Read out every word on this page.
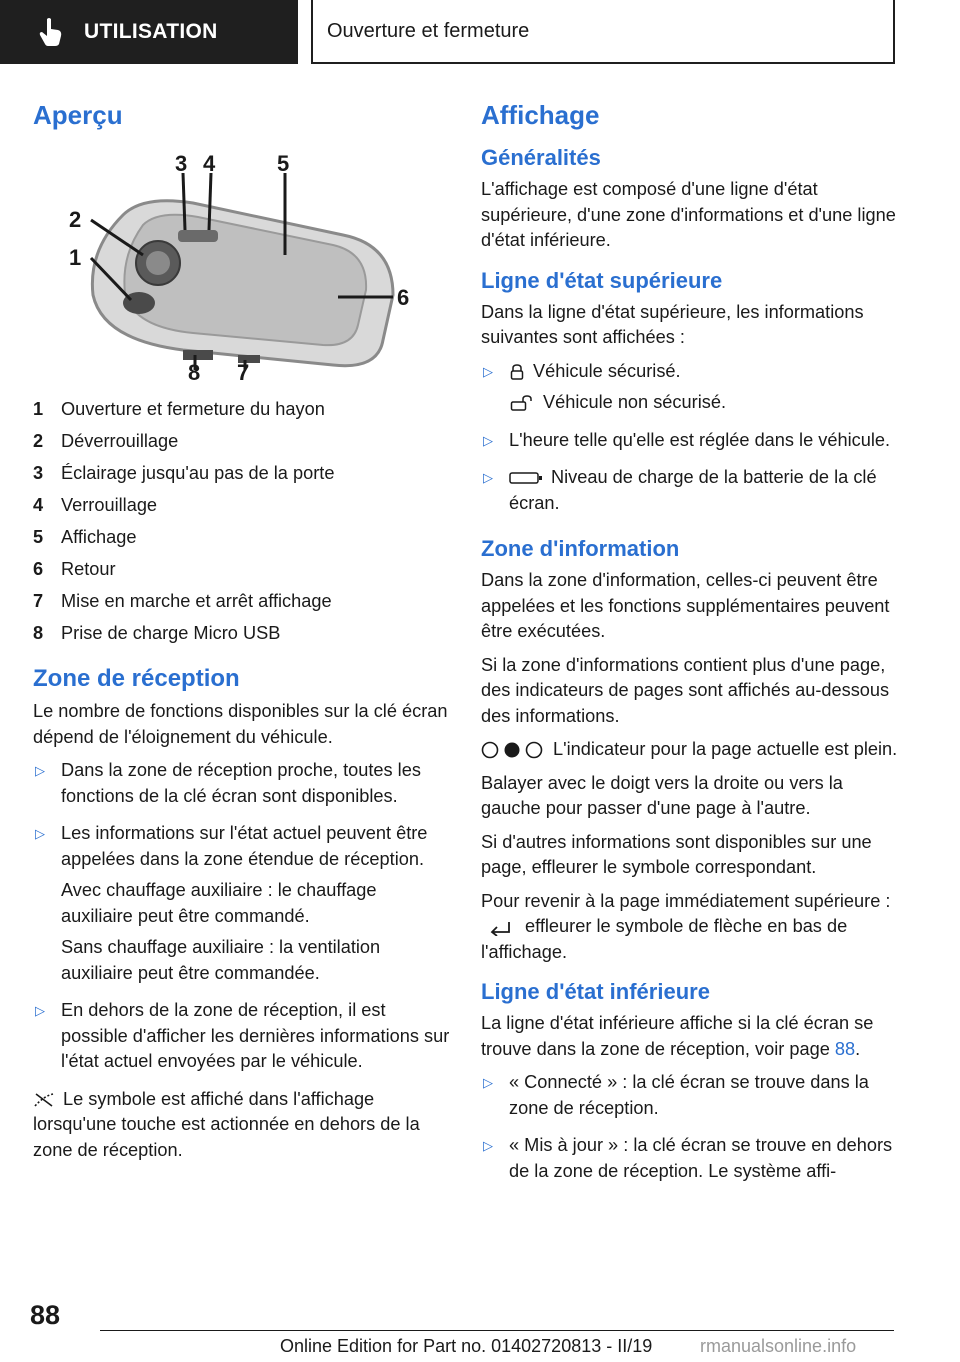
UTILISATION	Ouverture et fermeture
Aperçu
3 4	5
2
1
6
8 7
1 Ouverture et fermeture du hayon
2 Déverrouillage
3 Éclairage jusqu'au pas de la porte
4 Verrouillage
5 Affichage
6 Retour
7 Mise en marche et arrêt affichage
8 Prise de charge Micro USB
Zone de réception

Le nombre de fonctions disponibles sur la clé écran dépend de l'éloignement du véhicule.

▷ Dans la zone de réception proche, toutes les fonctions de la clé écran sont disponibles.

▷ Les informations sur l'état actuel peuvent être appelées dans la zone étendue de réception.

Avec chauffage auxiliaire : le chauffage auxiliaire peut être commandé.

Sans chauffage auxiliaire : la ventilation auxiliaire peut être commandée.

▷ En dehors de la zone de réception, il est possible d'afficher les dernières informations sur l'état actuel envoyées par le véhicule.

Le symbole est affiché dans l'affichage lorsqu'une touche est actionnée en dehors de la zone de réception.

Affichage
Généralités

L'affichage est composé d'une ligne d'état supérieure, d'une zone d'informations et d'une ligne d'état inférieure.

Ligne d'état supérieure

Dans la ligne d'état supérieure, les informations suivantes sont affichées :

▷	Véhicule sécurisé.

Véhicule non sécurisé.

▷ L'heure telle qu'elle est réglée dans le véhicule.

▷	Niveau de charge de la batterie de la clé écran.

Zone d'information

Dans la zone d'information, celles-ci peuvent être appelées et les fonctions supplémentaires peuvent être exécutées.

Si la zone d'informations contient plus d'une page, des indicateurs de pages sont affichés au-dessous des informations.

L'indicateur pour la page actuelle est plein.

Balayer avec le doigt vers la droite ou vers la gauche pour passer d'une page à l'autre.

Si d'autres informations sont disponibles sur une page, effleurer le symbole correspondant.

Pour revenir à la page immédiatement supérieure : effleurer le symbole de flèche en bas de l'affichage.

Ligne d'état inférieure

La ligne d'état inférieure affiche si la clé écran se trouve dans la zone de réception, voir page 88.

▷ « Connecté » : la clé écran se trouve dans la zone de réception.

▷ « Mis à jour » : la clé écran se trouve en dehors de la zone de réception. Le système affi-

88
Online Edition for Part no. 01402720813 - II/19	rmanualsonline.info
